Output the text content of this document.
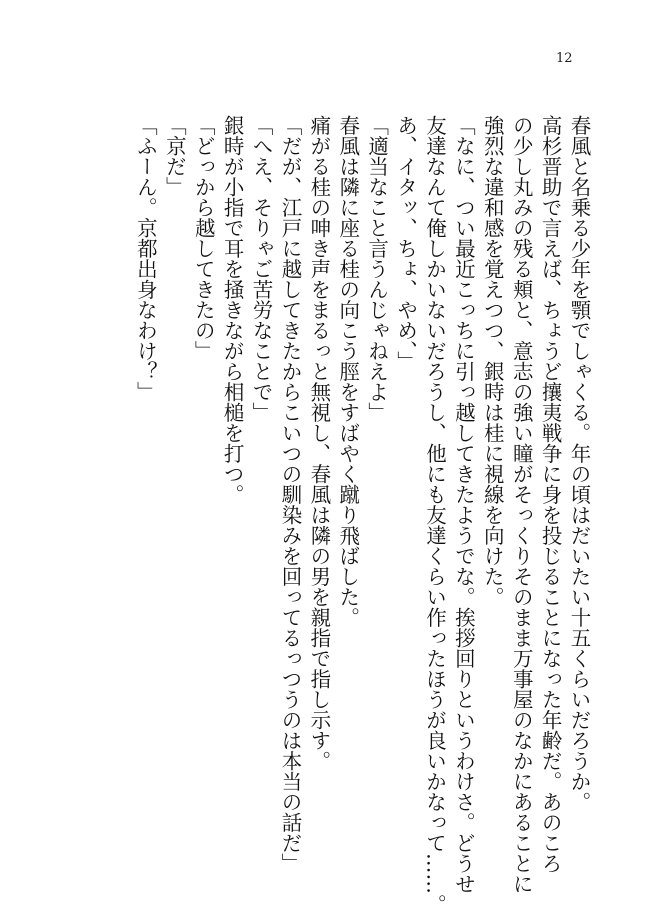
12
春風と名乗る少年を顎でしゃくる。年の頃はだいたい十五くらいだろうか。
高杉晋助で言えば、ちょうど攘夷戦争に身を投じることになった年齢だ。あのころ
の少し丸みの残る頬と、意志の強い瞳がそっくりそのまま万事屋のなかにあることに
強烈な違和感を覚えつつ、銀時は桂に視線を向けた。
「なに、つい最近こっちに引っ越してきたようでな。挨拶回りというわけさ。どうせ
友達なんて俺しかいないだろうし、他にも友達くらい作ったほうが良いかなって……。
あ、イタッ、ちょ、やめ、」
「適当なこと言うんじゃねえよ」
春風は隣に座る桂の向こう脛をすばやく蹴り飛ばした。
痛がる桂の呻き声をまるっと無視し、春風は隣の男を親指で指し示す。
「だが、江戸に越してきたからこいつの馴染みを回ってるっつうのは本当の話だ」
「へえ、そりゃご苦労なことで」
銀時が小指で耳を掻きながら相槌を打つ。
「どっから越してきたの」
「京だ」
「ふーん。京都出身なわけ？」
